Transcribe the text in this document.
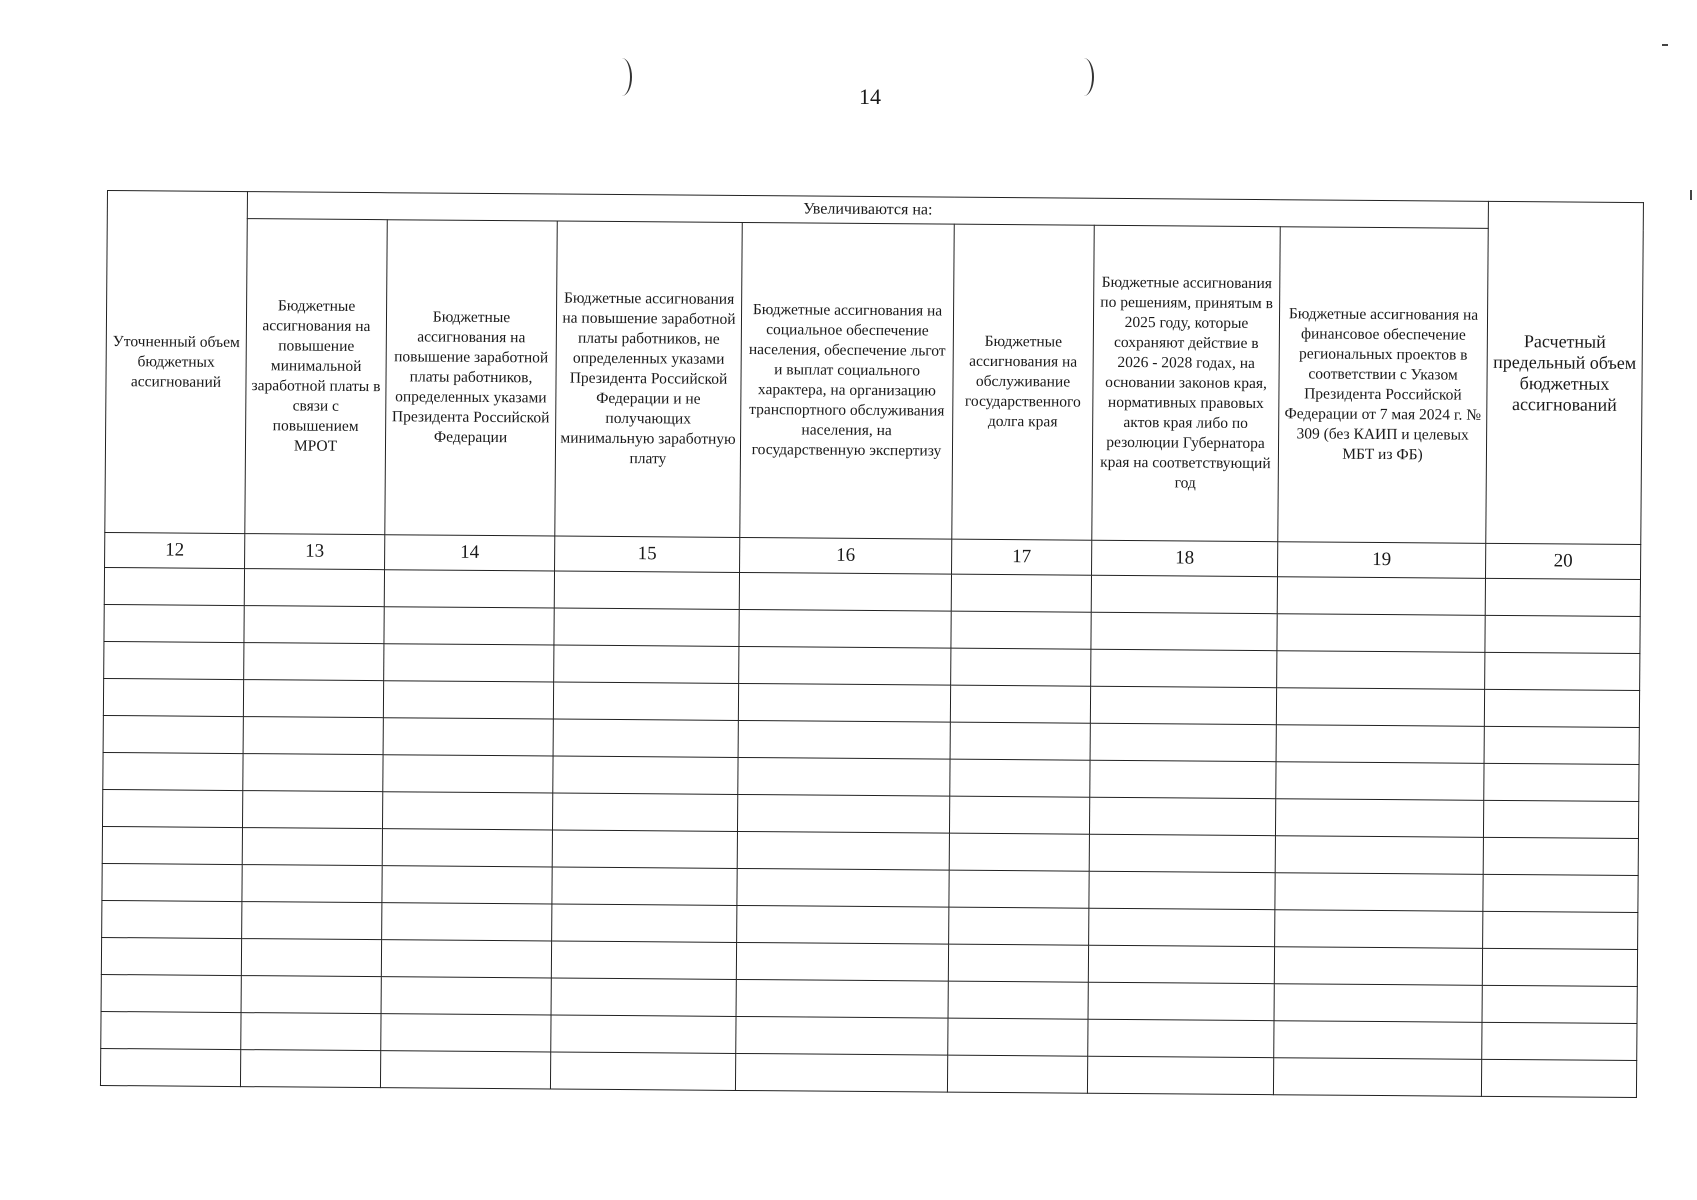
14
Уточненный объем бюджетных ассигнований	Увеличиваются на:							Расчетный предельный объем бюджетных ассигнований
	Бюджетные ассигнования на повышение минимальной заработной платы в связи с повышением МРОТ	Бюджетные ассигнования на повышение заработной платы работников, определенных указами Президента Российской Федерации	Бюджетные ассигнования на повышение заработной платы работников, не определенных указами Президента Российской Федерации и не получающих минимальную заработную плату	Бюджетные ассигнования на социальное обеспечение населения, обеспечение льгот и выплат социального характера, на организацию транспортного обслуживания населения, на государственную экспертизу	Бюджетные ассигнования на обслуживание государственного долга края	Бюджетные ассигнования по решениям, принятым в 2025 году, которые сохраняют действие в 2026 - 2028 годах, на основании законов края, нормативных правовых актов края либо по резолюции Губернатора края на соответствующий год	Бюджетные ассигнования на финансовое обеспечение региональных проектов в соответствии с Указом Президента Российской Федерации от 7 мая 2024 г. № 309 (без КАИП и целевых МБТ из ФБ)	
12	13	14	15	16	17	18	19	20
